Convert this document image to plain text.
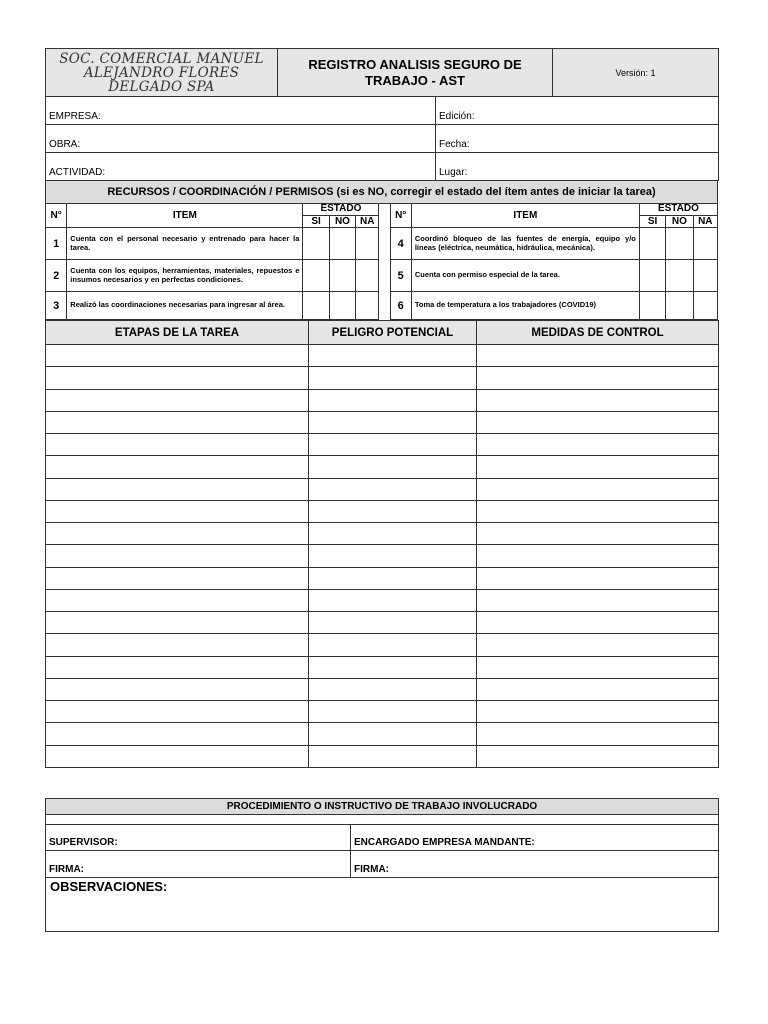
SOC. COMERCIAL MANUEL ALEJANDRO FLORES DELGADO SPA

REGISTRO ANALISIS SEGURO DE TRABAJO - AST	Versión: 1
EMPRESA:	Edición:
OBRA:	Fecha:
ACTIVIDAD:	Lugar:
RECURSOS / COORDINACIÓN / PERMISOS (si es NO, corregir el estado del ítem antes de iniciar la tarea)										
N°	ITEM	ESTADO				N°	ITEM	ESTADO		
		SI	NO	NA				SI	NO	NA
1	Cuenta con el personal necesario y entrenado para hacer la tarea.					4	Coordinó bloqueo de las fuentes de energía, equipo y/o líneas (eléctrica, neumática, hidráulica, mecánica).			
2	Cuenta con los equipos, herramientas, materiales, repuestos e insumos necesarios y en perfectas condiciones.					5	Cuenta con permiso especial de la tarea.			
3	Realizó las coordinaciones necesarias para ingresar al área.					6	Toma de temperatura a los trabajadores (COVID19)			
ETAPAS DE LA TAREA	PELIGRO POTENCIAL	MEDIDAS DE CONTROL

PROCEDIMIENTO O INSTRUCTIVO DE TRABAJO INVOLUCRADO	

SUPERVISOR:	ENCARGADO EMPRESA MANDANTE:
FIRMA:	FIRMA:
OBSERVACIONES:	
